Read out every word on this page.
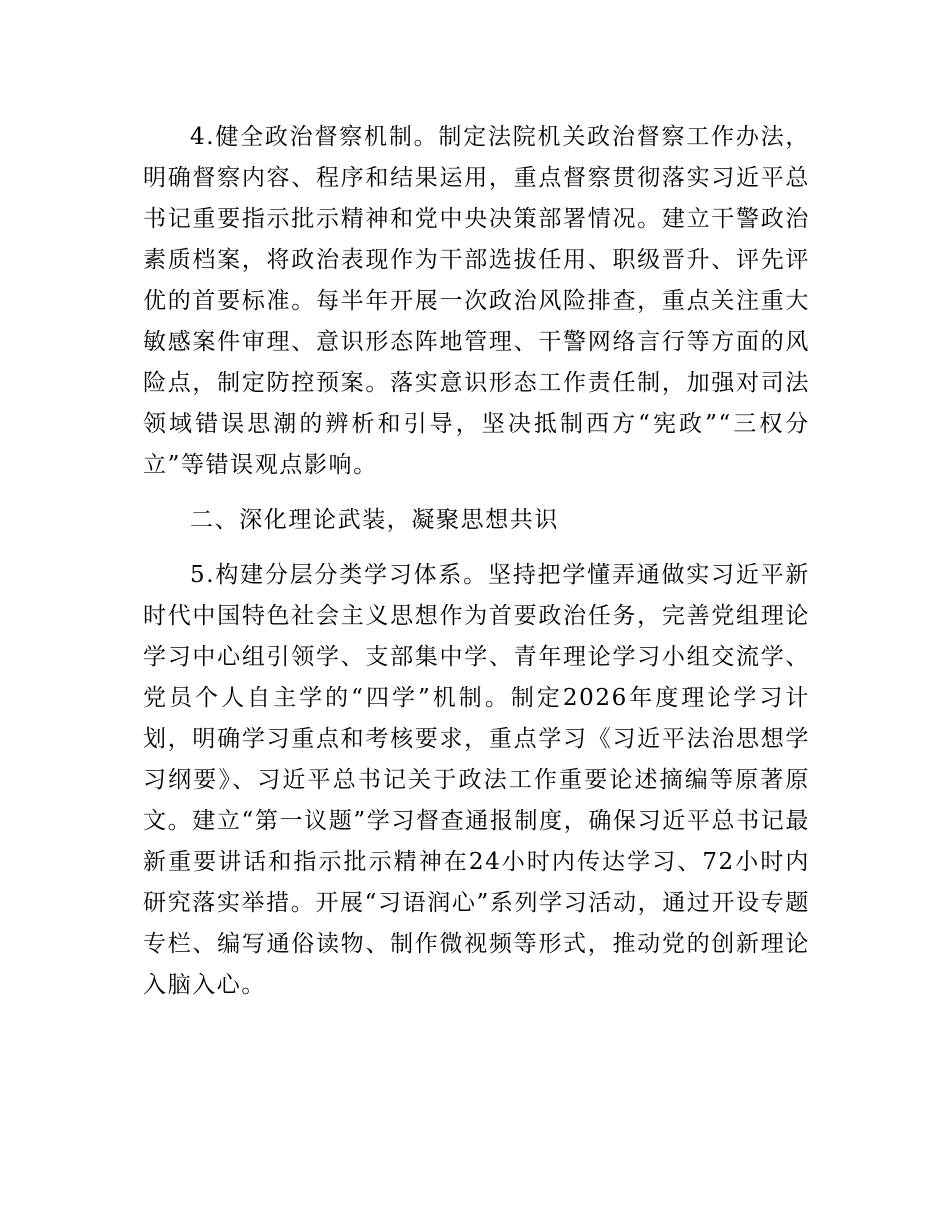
4.健全政治督察机制。制定法院机关政治督察工作办法，明确督察内容、程序和结果运用，重点督察贯彻落实习近平总书记重要指示批示精神和党中央决策部署情况。建立干警政治素质档案，将政治表现作为干部选拔任用、职级晋升、评先评优的首要标准。每半年开展一次政治风险排查，重点关注重大敏感案件审理、意识形态阵地管理、干警网络言行等方面的风险点，制定防控预案。落实意识形态工作责任制，加强对司法领域错误思潮的辨析和引导，坚决抵制西方“宪政”“三权分立”等错误观点影响。

二、深化理论武装，凝聚思想共识

5.构建分层分类学习体系。坚持把学懂弄通做实习近平新时代中国特色社会主义思想作为首要政治任务，完善党组理论学习中心组引领学、支部集中学、青年理论学习小组交流学、党员个人自主学的“四学”机制。制定2026年度理论学习计划，明确学习重点和考核要求，重点学习《习近平法治思想学习纲要》、习近平总书记关于政法工作重要论述摘编等原著原文。建立“第一议题”学习督查通报制度，确保习近平总书记最新重要讲话和指示批示精神在24小时内传达学习、72小时内研究落实举措。开展“习语润心”系列学习活动，通过开设专题专栏、编写通俗读物、制作微视频等形式，推动党的创新理论入脑入心。
